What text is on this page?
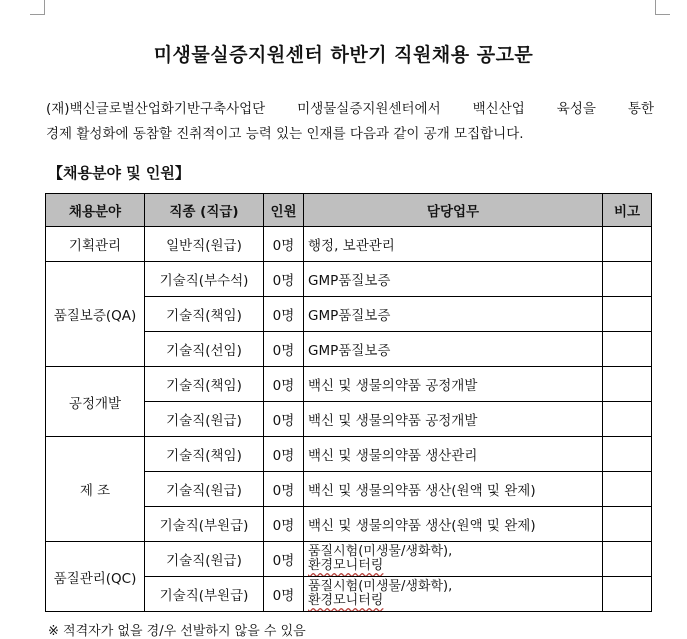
미생물실증지원센터 하반기 직원채용 공고문

(재)백신글로벌산업화기반구축사업단 미생물실증지원센터에서 백신산업 육성을 통한

경제 활성화에 동참할 진취적이고 능력 있는 인재를 다음과 같이 공개 모집합니다.

【채용분야 및 인원】
채용분야	직종 (직급)	인원	담당업무	비고
기획관리	일반직(원급)	0명	행정, 보관관리	
품질보증(QA)	기술직(부수석)	0명	GMP품질보증	
	기술직(책임)	0명	GMP품질보증	
	기술직(선임)	0명	GMP품질보증	
공정개발	기술직(책임)	0명	백신 및 생물의약품 공정개발	
	기술직(원급)	0명	백신 및 생물의약품 공정개발	
제 조	기술직(책임)	0명	백신 및 생물의약품 생산관리	
	기술직(원급)	0명	백신 및 생물의약품 생산(원액 및 완제)	
	기술직(부원급)	0명	백신 및 생물의약품 생산(원액 및 완제)	
품질관리(QC)	기술직(원급)	0명	품질시험(미생물/생화학),
환경모니터링	

	기술직(부원급)	0명	품질시험(미생물/생화학),
환경모니터링	

※ 적격자가 없을 경/우 선발하지 않을 수 있음
